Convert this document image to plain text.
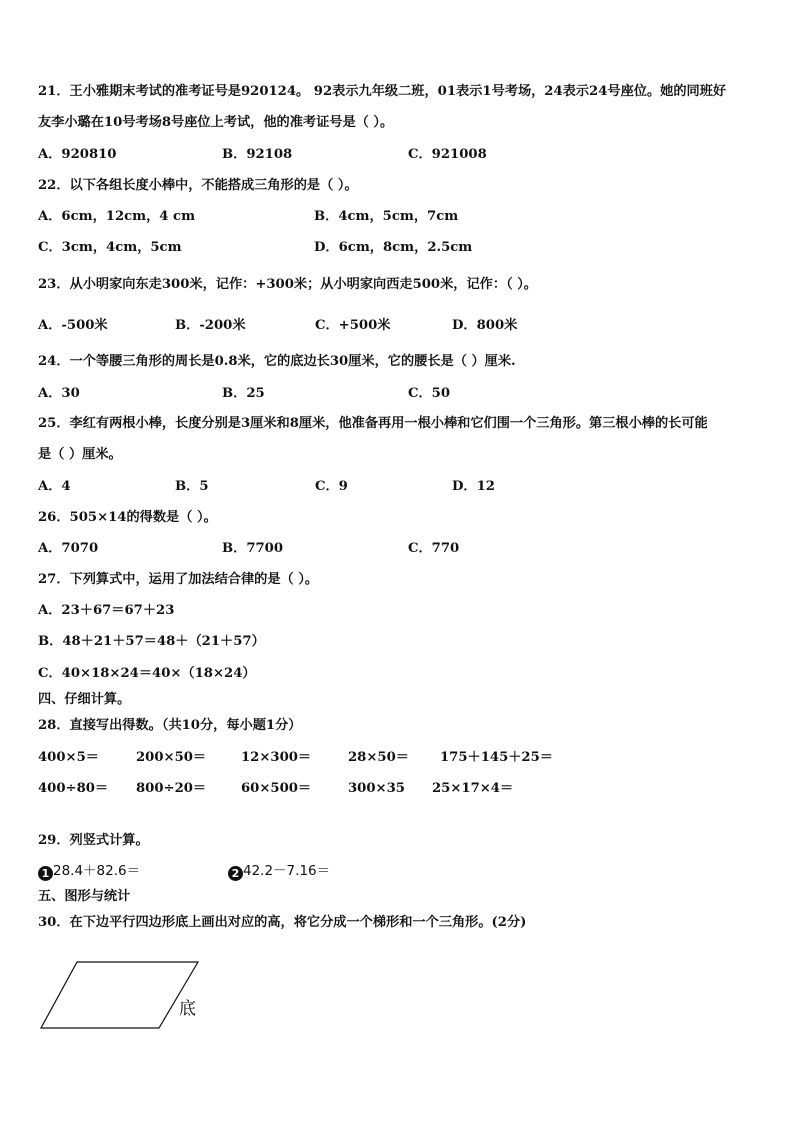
21．王小雅期末考试的准考证号是920124。 92表示九年级二班，01表示1号考场，24表示24号座位。她的同班好
友李小璐在10号考场8号座位上考试，他的准考证号是（ ）。
A．920810	B．92108	C．921008
22．以下各组长度小棒中，不能搭成三角形的是（ ）。
A．6cm，12cm，4 cm	B．4cm，5cm，7cm
C．3cm，4cm，5cm	D．6cm，8cm，2.5cm
23．从小明家向东走300米，记作：+300米；从小明家向西走500米，记作：（ ）。
A．-500米	B．-200米	C．+500米	D．800米
24．一个等腰三角形的周长是0.8米，它的底边长30厘米，它的腰长是（ ）厘米.
A．30	B．25	C．50
25．李红有两根小棒，长度分别是3厘米和8厘米，他准备再用一根小棒和它们围一个三角形。第三根小棒的长可能
是（ ）厘米。
A．4	B．5	C．9	D．12
26．505×14的得数是（ ）。
A．7070	B．7700	C．770
27．下列算式中，运用了加法结合律的是（ ）。
A．23＋67＝67＋23
B．48＋21＋57＝48＋（21＋57）
C．40×18×24＝40×（18×24）
四、仔细计算。
28．直接写出得数。（共10分，每小题1分）
400×5＝	200×50＝	12×300＝	28×50＝ 175＋145＋25＝
400÷80＝ 800÷20＝	60×500＝	300×35 25×17×4＝
29．列竖式计算。
1 28.4＋82.6＝	2 42.2－7.16＝
五、图形与统计
30．在下边平行四边形底上画出对应的高，将它分成一个梯形和一个三角形。(2分)
底
